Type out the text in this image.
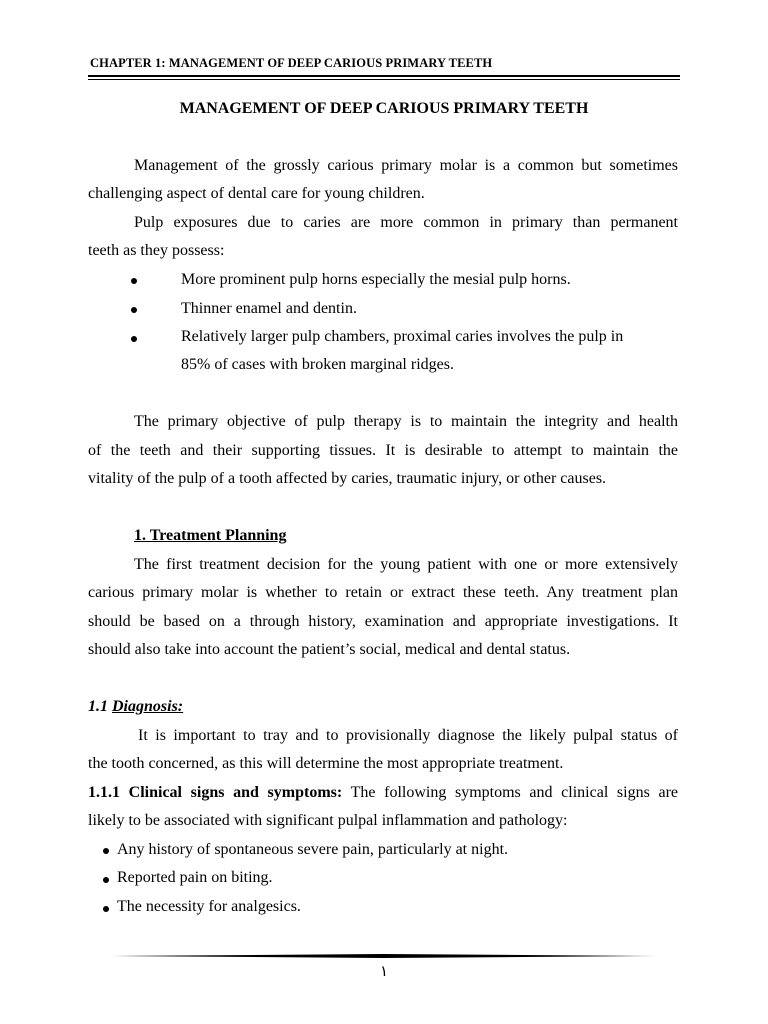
CHAPTER 1: MANAGEMENT OF DEEP CARIOUS PRIMARY TEETH
MANAGEMENT OF DEEP CARIOUS PRIMARY TEETH
Management of the grossly carious primary molar is a common but sometimes
challenging aspect of dental care for young children.
Pulp exposures due to caries are more common in primary than permanent
teeth as they possess:
More prominent pulp horns especially the mesial pulp horns.
Thinner enamel and dentin.
Relatively larger pulp chambers, proximal caries involves the pulp in
85% of cases with broken marginal ridges.
The primary objective of pulp therapy is to maintain the integrity and health
of the teeth and their supporting tissues. It is desirable to attempt to maintain the
vitality of the pulp of a tooth affected by caries, traumatic injury, or other causes.
1. Treatment Planning
The first treatment decision for the young patient with one or more extensively
carious primary molar is whether to retain or extract these teeth. Any treatment plan
should be based on a through history, examination and appropriate investigations. It
should also take into account the patient’s social, medical and dental status.
1.1 Diagnosis:
It is important to tray and to provisionally diagnose the likely pulpal status of
the tooth concerned, as this will determine the most appropriate treatment.
1.1.1 Clinical signs and symptoms: The following symptoms and clinical signs are
likely to be associated with significant pulpal inflammation and pathology:
Any history of spontaneous severe pain, particularly at night.
Reported pain on biting.
The necessity for analgesics.
١
